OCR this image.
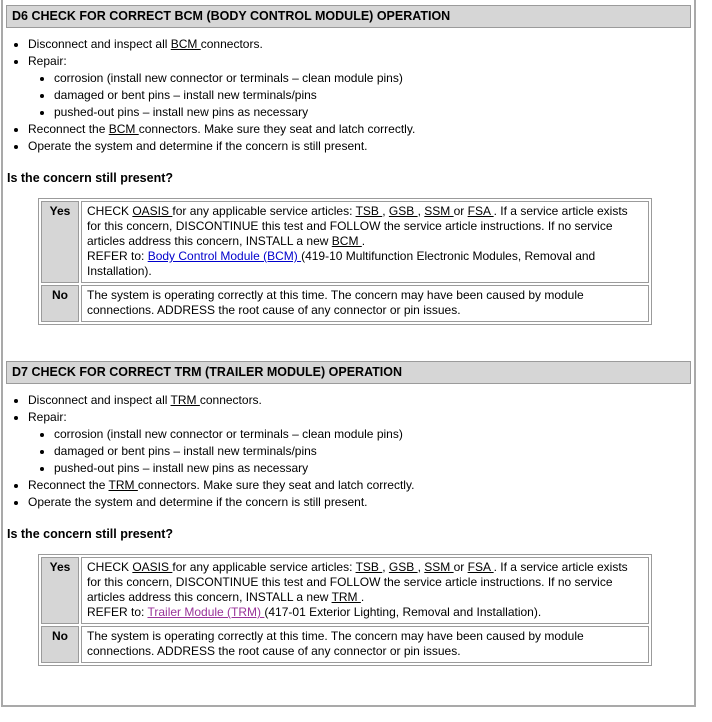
D6 CHECK FOR CORRECT BCM (BODY CONTROL MODULE) OPERATION
• Disconnect and inspect all BCM connectors.
• Repair:
• corrosion (install new connector or terminals – clean module pins)
• damaged or bent pins – install new terminals/pins
• pushed-out pins – install new pins as necessary
• Reconnect the BCM connectors. Make sure they seat and latch correctly.
• Operate the system and determine if the concern is still present.

Is the concern still present?

Yes	CHECK OASIS for any applicable service articles: TSB , GSB , SSM or FSA . If a service article exists for this concern, DISCONTINUE this test and FOLLOW the service article instructions. If no service articles address this concern, INSTALL a new BCM .
REFER to: Body Control Module (BCM) (419-10 Multifunction Electronic Modules, Removal and Installation).
No	The system is operating correctly at this time. The concern may have been caused by module connections. ADDRESS the root cause of any connector or pin issues.
D7 CHECK FOR CORRECT TRM (TRAILER MODULE) OPERATION
• Disconnect and inspect all TRM connectors.
• Repair:
• corrosion (install new connector or terminals – clean module pins)
• damaged or bent pins – install new terminals/pins
• pushed-out pins – install new pins as necessary
• Reconnect the TRM connectors. Make sure they seat and latch correctly.
• Operate the system and determine if the concern is still present.

Is the concern still present?

Yes	CHECK OASIS for any applicable service articles: TSB , GSB , SSM or FSA . If a service article exists for this concern, DISCONTINUE this test and FOLLOW the service article instructions. If no service articles address this concern, INSTALL a new TRM .
REFER to: Trailer Module (TRM) (417-01 Exterior Lighting, Removal and Installation).
No	The system is operating correctly at this time. The concern may have been caused by module connections. ADDRESS the root cause of any connector or pin issues.
